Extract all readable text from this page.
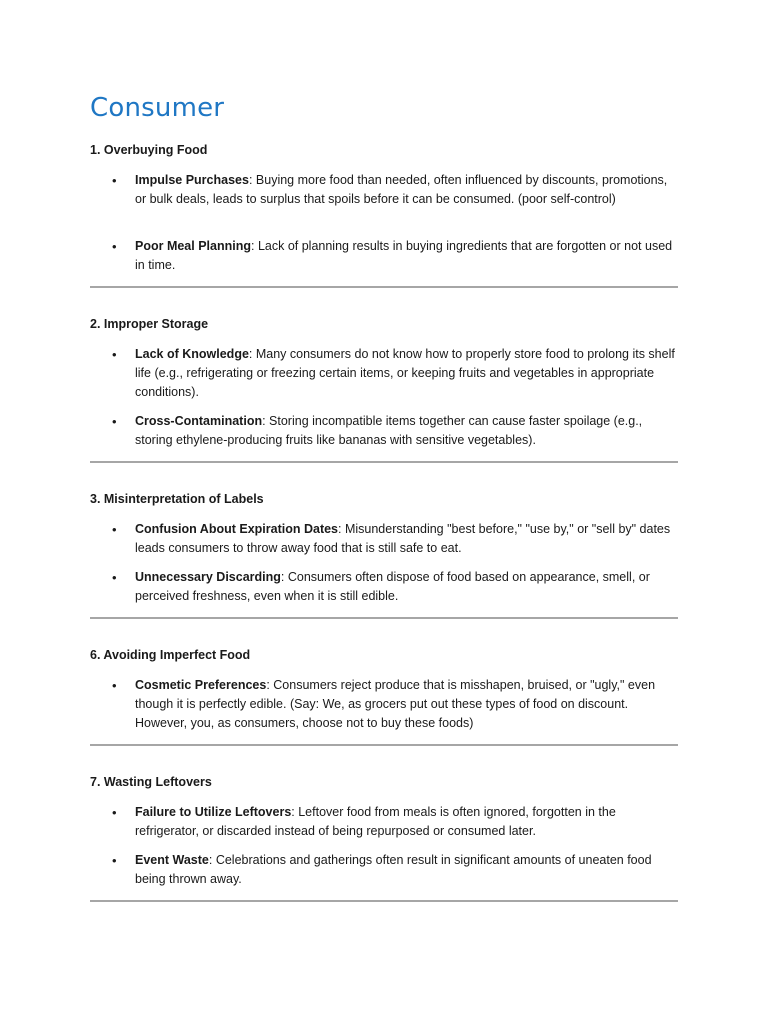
Consumer

1. Overbuying Food

• Impulse Purchases: Buying more food than needed, often influenced by discounts, promotions, or bulk deals, leads to surplus that spoils before it can be consumed. (poor self-control)
• Poor Meal Planning: Lack of planning results in buying ingredients that are forgotten or not used in time.

2. Improper Storage

• Lack of Knowledge: Many consumers do not know how to properly store food to prolong its shelf life (e.g., refrigerating or freezing certain items, or keeping fruits and vegetables in appropriate conditions).
• Cross-Contamination: Storing incompatible items together can cause faster spoilage (e.g., storing ethylene-producing fruits like bananas with sensitive vegetables).

3. Misinterpretation of Labels

• Confusion About Expiration Dates: Misunderstanding "best before," "use by," or "sell by" dates leads consumers to throw away food that is still safe to eat.
• Unnecessary Discarding: Consumers often dispose of food based on appearance, smell, or perceived freshness, even when it is still edible.

6. Avoiding Imperfect Food

• Cosmetic Preferences: Consumers reject produce that is misshapen, bruised, or "ugly," even though it is perfectly edible. (Say: We, as grocers put out these types of food on discount. However, you, as consumers, choose not to buy these foods)

7. Wasting Leftovers

• Failure to Utilize Leftovers: Leftover food from meals is often ignored, forgotten in the refrigerator, or discarded instead of being repurposed or consumed later.
• Event Waste: Celebrations and gatherings often result in significant amounts of uneaten food being thrown away.
